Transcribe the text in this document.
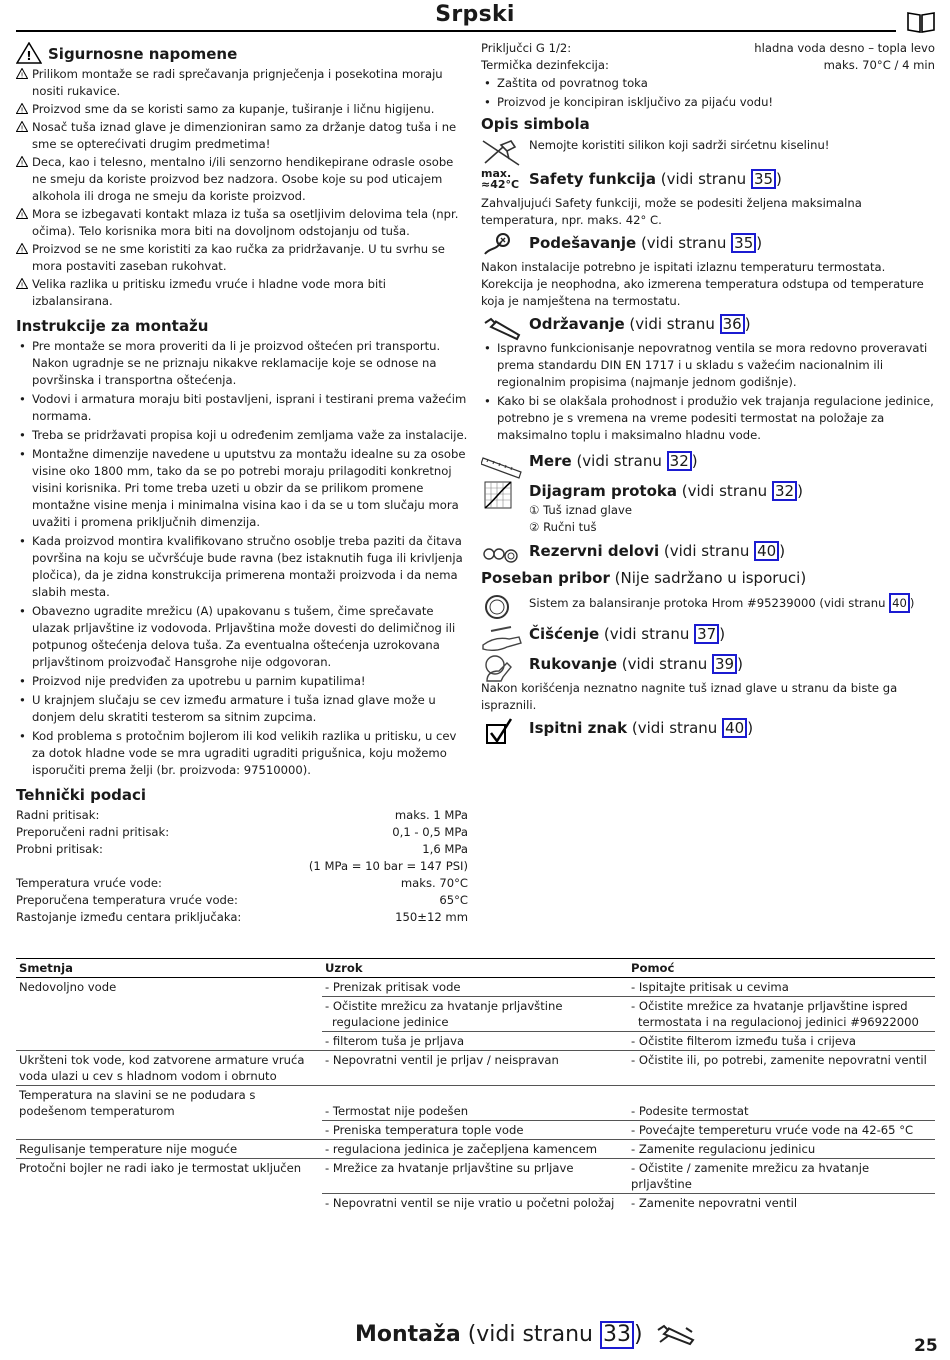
Srpski
! Sigurnosne napomene

! Prilikom montaže se radi sprečavanja prignječenja i posekotina moraju nositi rukavice.

! Proizvod sme da se koristi samo za kupanje, tuširanje i ličnu higijenu.

! Nosač tuša iznad glave je dimenzioniran samo za držanje datog tuša i ne sme se opterećivati drugim predmetima!

! Deca, kao i telesno, mentalno i/ili senzorno hendikepirane odrasle osobe ne smeju da koriste proizvod bez nadzora. Osobe koje su pod uticajem alkohola ili droga ne smeju da koriste proizvod.

! Mora se izbegavati kontakt mlaza iz tuša sa osetljivim delovima tela (npr. očima). Telo korisnika mora biti na dovoljnom odstojanju od tuša.

! Proizvod se ne sme koristiti za kao ručka za pridržavanje. U tu svrhu se mora postaviti zaseban rukohvat.

! Velika razlika u pritisku između vruće i hladne vode mora biti izbalansirana.

Instrukcije za montažu
• Pre montaže se mora proveriti da li je proizvod oštećen pri transportu. Nakon ugradnje se ne priznaju nikakve reklamacije koje se odnose na površinska i transportna oštećenja.
• Vodovi i armatura moraju biti postavljeni, isprani i testirani prema važećim normama.
• Treba se pridržavati propisa koji u određenim zemljama važe za instalacije.
• Montažne dimenzije navedene u uputstvu za montažu idealne su za osobe visine oko 1800 mm, tako da se po potrebi moraju prilagoditi konkretnoj visini korisnika. Pri tome treba uzeti u obzir da se prilikom promene montažne visine menja i minimalna visina kao i da se u tom slučaju mora uvažiti i promena priključnih dimenzija.
• Kada proizvod montira kvalifikovano stručno osoblje treba paziti da čitava površina na koju se učvršćuje bude ravna (bez istaknutih fuga ili krivljenja pločica), da je zidna konstrukcija primerena montaži proizvoda i da nema slabih mesta.
• Obavezno ugradite mrežicu (A) upakovanu s tušem, čime sprečavate ulazak prljavštine iz vodovoda. Prljavština može dovesti do delimičnog ili potpunog oštećenja delova tuša. Za eventualna oštećenja uzrokovana prljavštinom proizvođač Hansgrohe nije odgovoran.
• Proizvod nije predviđen za upotrebu u parnim kupatilima!
• U krajnjem slučaju se cev između armature i tuša iznad glave može u donjem delu skratiti testerom sa sitnim zupcima.
• Kod problema s protočnim bojlerom ili kod velikih razlika u pritisku, u cev za dotok hladne vode se mra ugraditi ugraditi prigušnica, koju možemo isporučiti prema želji (br. proizvoda: 97510000).
Tehnički podaci
Radni pritisak:	maks. 1 MPa
Preporučeni radni pritisak:	0,1 - 0,5 MPa
Probni pritisak:	1,6 MPa
(1 MPa = 10 bar = 147 PSI)
Temperatura vruće vode:	maks. 70°C
Preporučena temperatura vruće vode:	65°C
Rastojanje između centara priključaka:	150±12 mm
Priključci G 1/2:	hladna voda desno – topla levo
Termička dezinfekcija:	maks. 70°C / 4 min
• Zaštita od povratnog toka
• Proizvod je koncipiran isključivo za pijaću vodu!
Opis simbola
Nemojte koristiti silikon koji sadrži sirćetnu kiselinu!
max.
≈42°C Safety funkcija (vidi stranu 35 )

Zahvaljujući Safety funkciji, može se podesiti željena maksimalna temperatura, npr. maks. 42° C.

Podešavanje (vidi stranu 35 )

Nakon instalacije potrebno je ispitati izlaznu temperaturu termostata. Korekcija je neophodna, ako izmerena temperatura odstupa od temperature koja je namještena na termostatu.

Održavanje (vidi stranu 36 )
• Ispravno funkcionisanje nepovratnog ventila se mora redovno proveravati prema standardu DIN EN 1717 i u skladu s važećim nacionalnim ili regionalnim propisima (najmanje jednom godišnje).
• Kako bi se olakšala prohodnost i produžio vek trajanja regulacione jedinice, potrebno je s vremena na vreme podesiti termostat na položaje za maksimalno toplu i maksimalno hladnu vode.
Mere (vidi stranu 32 )
Dijagram protoka (vidi stranu 32 )
① Tuš iznad glave
② Ručni tuš
Rezervni delovi (vidi stranu 40 )
Poseban pribor (Nije sadržano u isporuci)
Sistem za balansiranje protoka Hrom #95239000 (vidi stranu 40 )
Čišćenje (vidi stranu 37 )
Rukovanje (vidi stranu 39 )

Nakon korišćenja neznatno nagnite tuš iznad glave u stranu da biste ga ispraznili.

Ispitni znak (vidi stranu 40 )
Smetnja	Uzrok	Pomoć
Nedovoljno vode	- Prenizak pritisak vode	- Ispitajte pritisak u cevima
	- Očistite mrežicu za hvatanje prljavštine regulacione jedinice	- Očistite mrežice za hvatanje prljavštine ispred termostata i na regulacionoj jedinici #96922000
	- filterom tuša je prljava	- Očistite filterom između tuša i crijeva
Ukršteni tok vode, kod zatvorene armature vruća voda ulazi u cev s hladnom vodom i obrnuto	- Nepovratni ventil je prljav / neispravan	- Očistite ili, po potrebi, zamenite nepovratni ventil
Temperatura na slavini se ne podudara s podešenom temperaturom	- Termostat nije podešen	- Podesite termostat
	- Preniska temperatura tople vode	- Povećajte tempereturu vruće vode na 42-65 °C
Regulisanje temperature nije moguće	- regulaciona jedinica je začepljena kamencem	- Zamenite regulacionu jedinicu
Protočni bojler ne radi iako je termostat uključen	- Mrežice za hvatanje prljavštine su prljave	- Očistite / zamenite mrežicu za hvatanje prljavštine
	- Nepovratni ventil se nije vratio u početni položaj	- Zamenite nepovratni ventil
Montaža (vidi stranu 33 )	25
